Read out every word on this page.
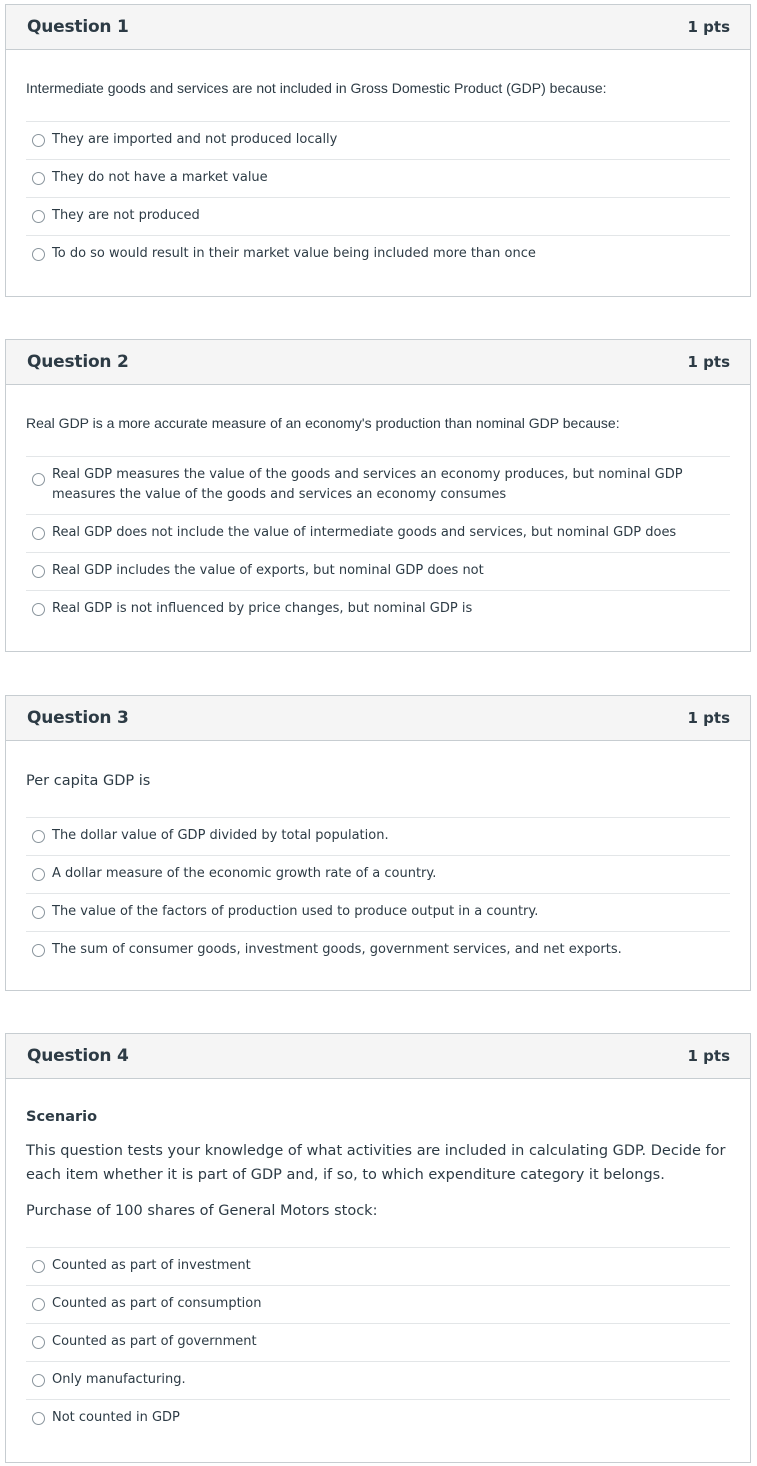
Question 1	1 pts

Intermediate goods and services are not included in Gross Domestic Product (GDP) because:

They are imported and not produced locally
They do not have a market value
They are not produced
To do so would result in their market value being included more than once
Question 2	1 pts

Real GDP is a more accurate measure of an economy's production than nominal GDP because:

Real GDP measures the value of the goods and services an economy produces, but nominal GDP measures the value of the goods and services an economy consumes
Real GDP does not include the value of intermediate goods and services, but nominal GDP does
Real GDP includes the value of exports, but nominal GDP does not
Real GDP is not influenced by price changes, but nominal GDP is
Question 3	1 pts

Per capita GDP is

The dollar value of GDP divided by total population.
A dollar measure of the economic growth rate of a country.
The value of the factors of production used to produce output in a country.
The sum of consumer goods, investment goods, government services, and net exports.
Question 4	1 pts

Scenario

This question tests your knowledge of what activities are included in calculating GDP. Decide for each item whether it is part of GDP and, if so, to which expenditure category it belongs.

Purchase of 100 shares of General Motors stock:

Counted as part of investment
Counted as part of consumption
Counted as part of government
Only manufacturing.
Not counted in GDP
